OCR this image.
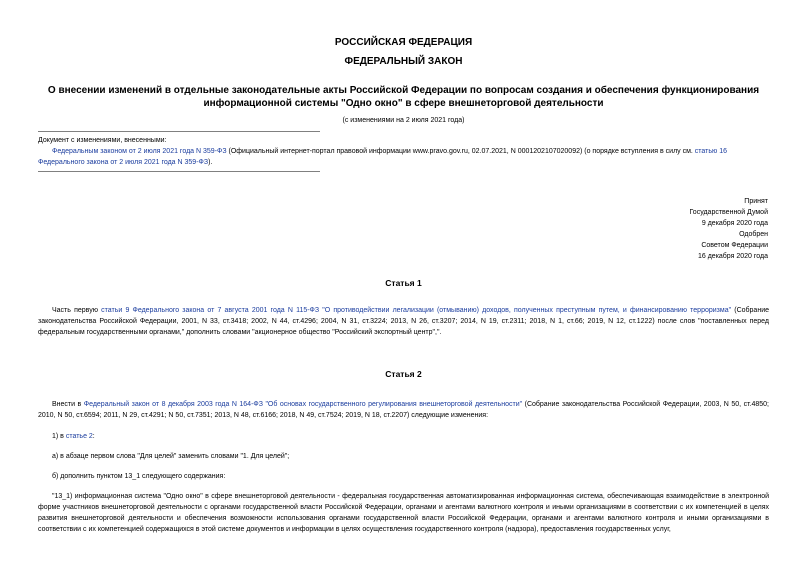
РОССИЙСКАЯ ФЕДЕРАЦИЯ
ФЕДЕРАЛЬНЫЙ ЗАКОН
О внесении изменений в отдельные законодательные акты Российской Федерации по вопросам создания и обеспечения функционирования информационной системы "Одно окно" в сфере внешнеторговой деятельности
(с изменениями на 2 июля 2021 года)
Документ с изменениями, внесенными:
Федеральным законом от 2 июля 2021 года N 359-ФЗ (Официальный интернет-портал правовой информации www.pravo.gov.ru, 02.07.2021, N 0001202107020092) (о порядке вступления в силу см. статью 16 Федерального закона от 2 июля 2021 года N 359-ФЗ).
Принят
Государственной Думой
9 декабря 2020 года
Одобрен
Советом Федерации
16 декабря 2020 года
Статья 1
Часть первую статьи 9 Федерального закона от 7 августа 2001 года N 115-ФЗ "О противодействии легализации (отмыванию) доходов, полученных преступным путем, и финансированию терроризма" (Собрание законодательства Российской Федерации, 2001, N 33, ст.3418; 2002, N 44, ст.4296; 2004, N 31, ст.3224; 2013, N 26, ст.3207; 2014, N 19, ст.2311; 2018, N 1, ст.66; 2019, N 12, ст.1222) после слов "поставленных перед федеральным государственными органами," дополнить словами "акционерное общество "Российский экспортный центр",".
Статья 2
Внести в Федеральный закон от 8 декабря 2003 года N 164-ФЗ "Об основах государственного регулирования внешнеторговой деятельности" (Собрание законодательства Российской Федерации, 2003, N 50, ст.4850; 2010, N 50, ст.6594; 2011, N 29, ст.4291; N 50, ст.7351; 2013, N 48, ст.6166; 2018, N 49, ст.7524; 2019, N 18, ст.2207) следующие изменения:
1) в статье 2:
а) в абзаце первом слова "Для целей" заменить словами "1. Для целей";
б) дополнить пунктом 13_1 следующего содержания:
"13_1) информационная система "Одно окно" в сфере внешнеторговой деятельности - федеральная государственная автоматизированная информационная система, обеспечивающая взаимодействие в электронной форме участников внешнеторговой деятельности с органами государственной власти Российской Федерации, органами и агентами валютного контроля и иными организациями в соответствии с их компетенцией в целях развития внешнеторговой деятельности и обеспечения возможности использования органами государственной власти Российской Федерации, органами и агентами валютного контроля и иными организациями в соответствии с их компетенцией содержащихся в этой системе документов и информации в целях осуществления государственного контроля (надзора), предоставления государственных услуг,
